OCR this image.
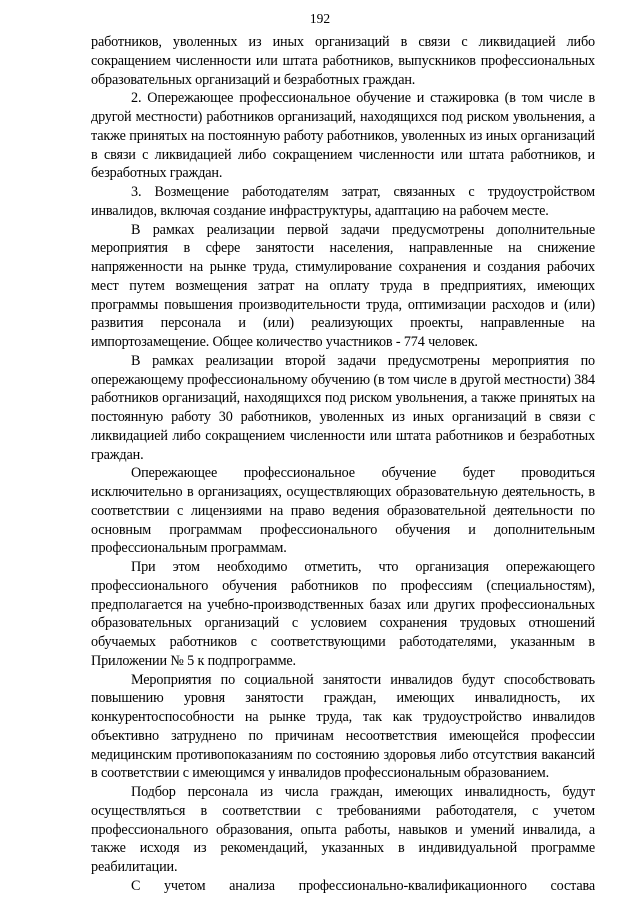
192

работников, уволенных из иных организаций в связи с ликвидацией либо сокращением численности или штата работников, выпускников профессиональных образовательных организаций и безработных граждан.

2. Опережающее профессиональное обучение и стажировка (в том числе в другой местности) работников организаций, находящихся под риском увольнения, а также принятых на постоянную работу работников, уволенных из иных организаций в связи с ликвидацией либо сокращением численности или штата работников, и безработных граждан.

3. Возмещение работодателям затрат, связанных с трудоустройством инвалидов, включая создание инфраструктуры, адаптацию на рабочем месте.

В рамках реализации первой задачи предусмотрены дополнительные мероприятия в сфере занятости населения, направленные на снижение напряженности на рынке труда, стимулирование сохранения и создания рабочих мест путем возмещения затрат на оплату труда в предприятиях, имеющих программы повышения производительности труда, оптимизации расходов и (или) развития персонала и (или) реализующих проекты, направленные на импортозамещение. Общее количество участников - 774 человек.

В рамках реализации второй задачи предусмотрены мероприятия по опережающему профессиональному обучению (в том числе в другой местности) 384 работников организаций, находящихся под риском увольнения, а также принятых на постоянную работу 30 работников, уволенных из иных организаций в связи с ликвидацией либо сокращением численности или штата работников и безработных граждан.

Опережающее профессиональное обучение будет проводиться исключительно в организациях, осуществляющих образовательную деятельность, в соответствии с лицензиями на право ведения образовательной деятельности по основным программам профессионального обучения и дополнительным профессиональным программам.

При этом необходимо отметить, что организация опережающего профессионального обучения работников по профессиям (специальностям), предполагается на учебно-производственных базах или других профессиональных образовательных организаций с условием сохранения трудовых отношений обучаемых работников с соответствующими работодателями, указанным в Приложении № 5 к подпрограмме.

Мероприятия по социальной занятости инвалидов будут способствовать повышению уровня занятости граждан, имеющих инвалидность, их конкурентоспособности на рынке труда, так как трудоустройство инвалидов объективно затруднено по причинам несоответствия имеющейся профессии медицинским противопоказаниям по состоянию здоровья либо отсутствия вакансий в соответствии с имеющимся у инвалидов профессиональным образованием.

Подбор персонала из числа граждан, имеющих инвалидность, будут осуществляться в соответствии с требованиями работодателя, с учетом профессионального образования, опыта работы, навыков и умений инвалида, а также исходя из рекомендаций, указанных в индивидуальной программе реабилитации.

С учетом анализа профессионально-квалификационного состава
